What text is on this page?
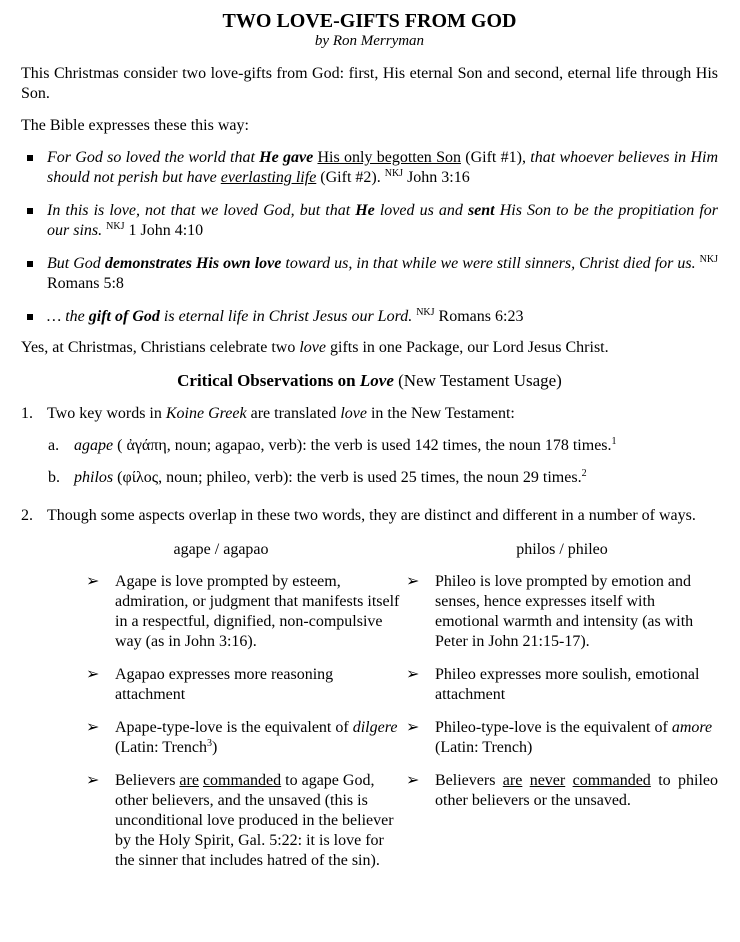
TWO LOVE-GIFTS FROM GOD
by Ron Merryman

This Christmas consider two love-gifts from God: first, His eternal Son and second, eternal life through His Son.

The Bible expresses these this way:

For God so loved the world that He gave His only begotten Son (Gift #1), that whoever believes in Him should not perish but have everlasting life (Gift #2). $^{NKJ}$ John 3:16
In this is love, not that we loved God, but that He loved us and sent His Son to be the propitiation for our sins. $^{NKJ}$ 1 John 4:10
But God demonstrates His own love toward us, in that while we were still sinners, Christ died for us. $^{NKJ}$ Romans 5:8
… the gift of God is eternal life in Christ Jesus our Lord. $^{NKJ}$ Romans 6:23

Yes, at Christmas, Christians celebrate two love gifts in one Package, our Lord Jesus Christ.

Critical Observations on Love (New Testament Usage)
1. Two key words in Koine Greek are translated love in the New Testament:
a. agape ( ἀγάπη, noun; agapao, verb): the verb is used 142 times, the noun 178 times.$^1$
b. philos (φίλος, noun; phileo, verb): the verb is used 25 times, the noun 29 times.$^2$
2. Though some aspects overlap in these two words, they are distinct and different in a number of ways.
agape / agapao
➢ Agape is love prompted by esteem, admiration, or judgment that manifests itself in a respectful, dignified, non-compulsive way (as in John 3:16).
➢ Agapao expresses more reasoning attachment
➢ Apape-type-love is the equivalent of dilgere (Latin: Trench$^3$)
➢ Believers are commanded to agape God, other believers, and the unsaved (this is unconditional love produced in the believer by the Holy Spirit, Gal. 5:22: it is love for the sinner that includes hatred of the sin).
philos / phileo
➢ Phileo is love prompted by emotion and senses, hence expresses itself with emotional warmth and intensity (as with Peter in John 21:15-17).
➢ Phileo expresses more soulish, emotional attachment
➢ Phileo-type-love is the equivalent of amore (Latin: Trench)
➢ Believers are never commanded to phileo other believers or the unsaved.
